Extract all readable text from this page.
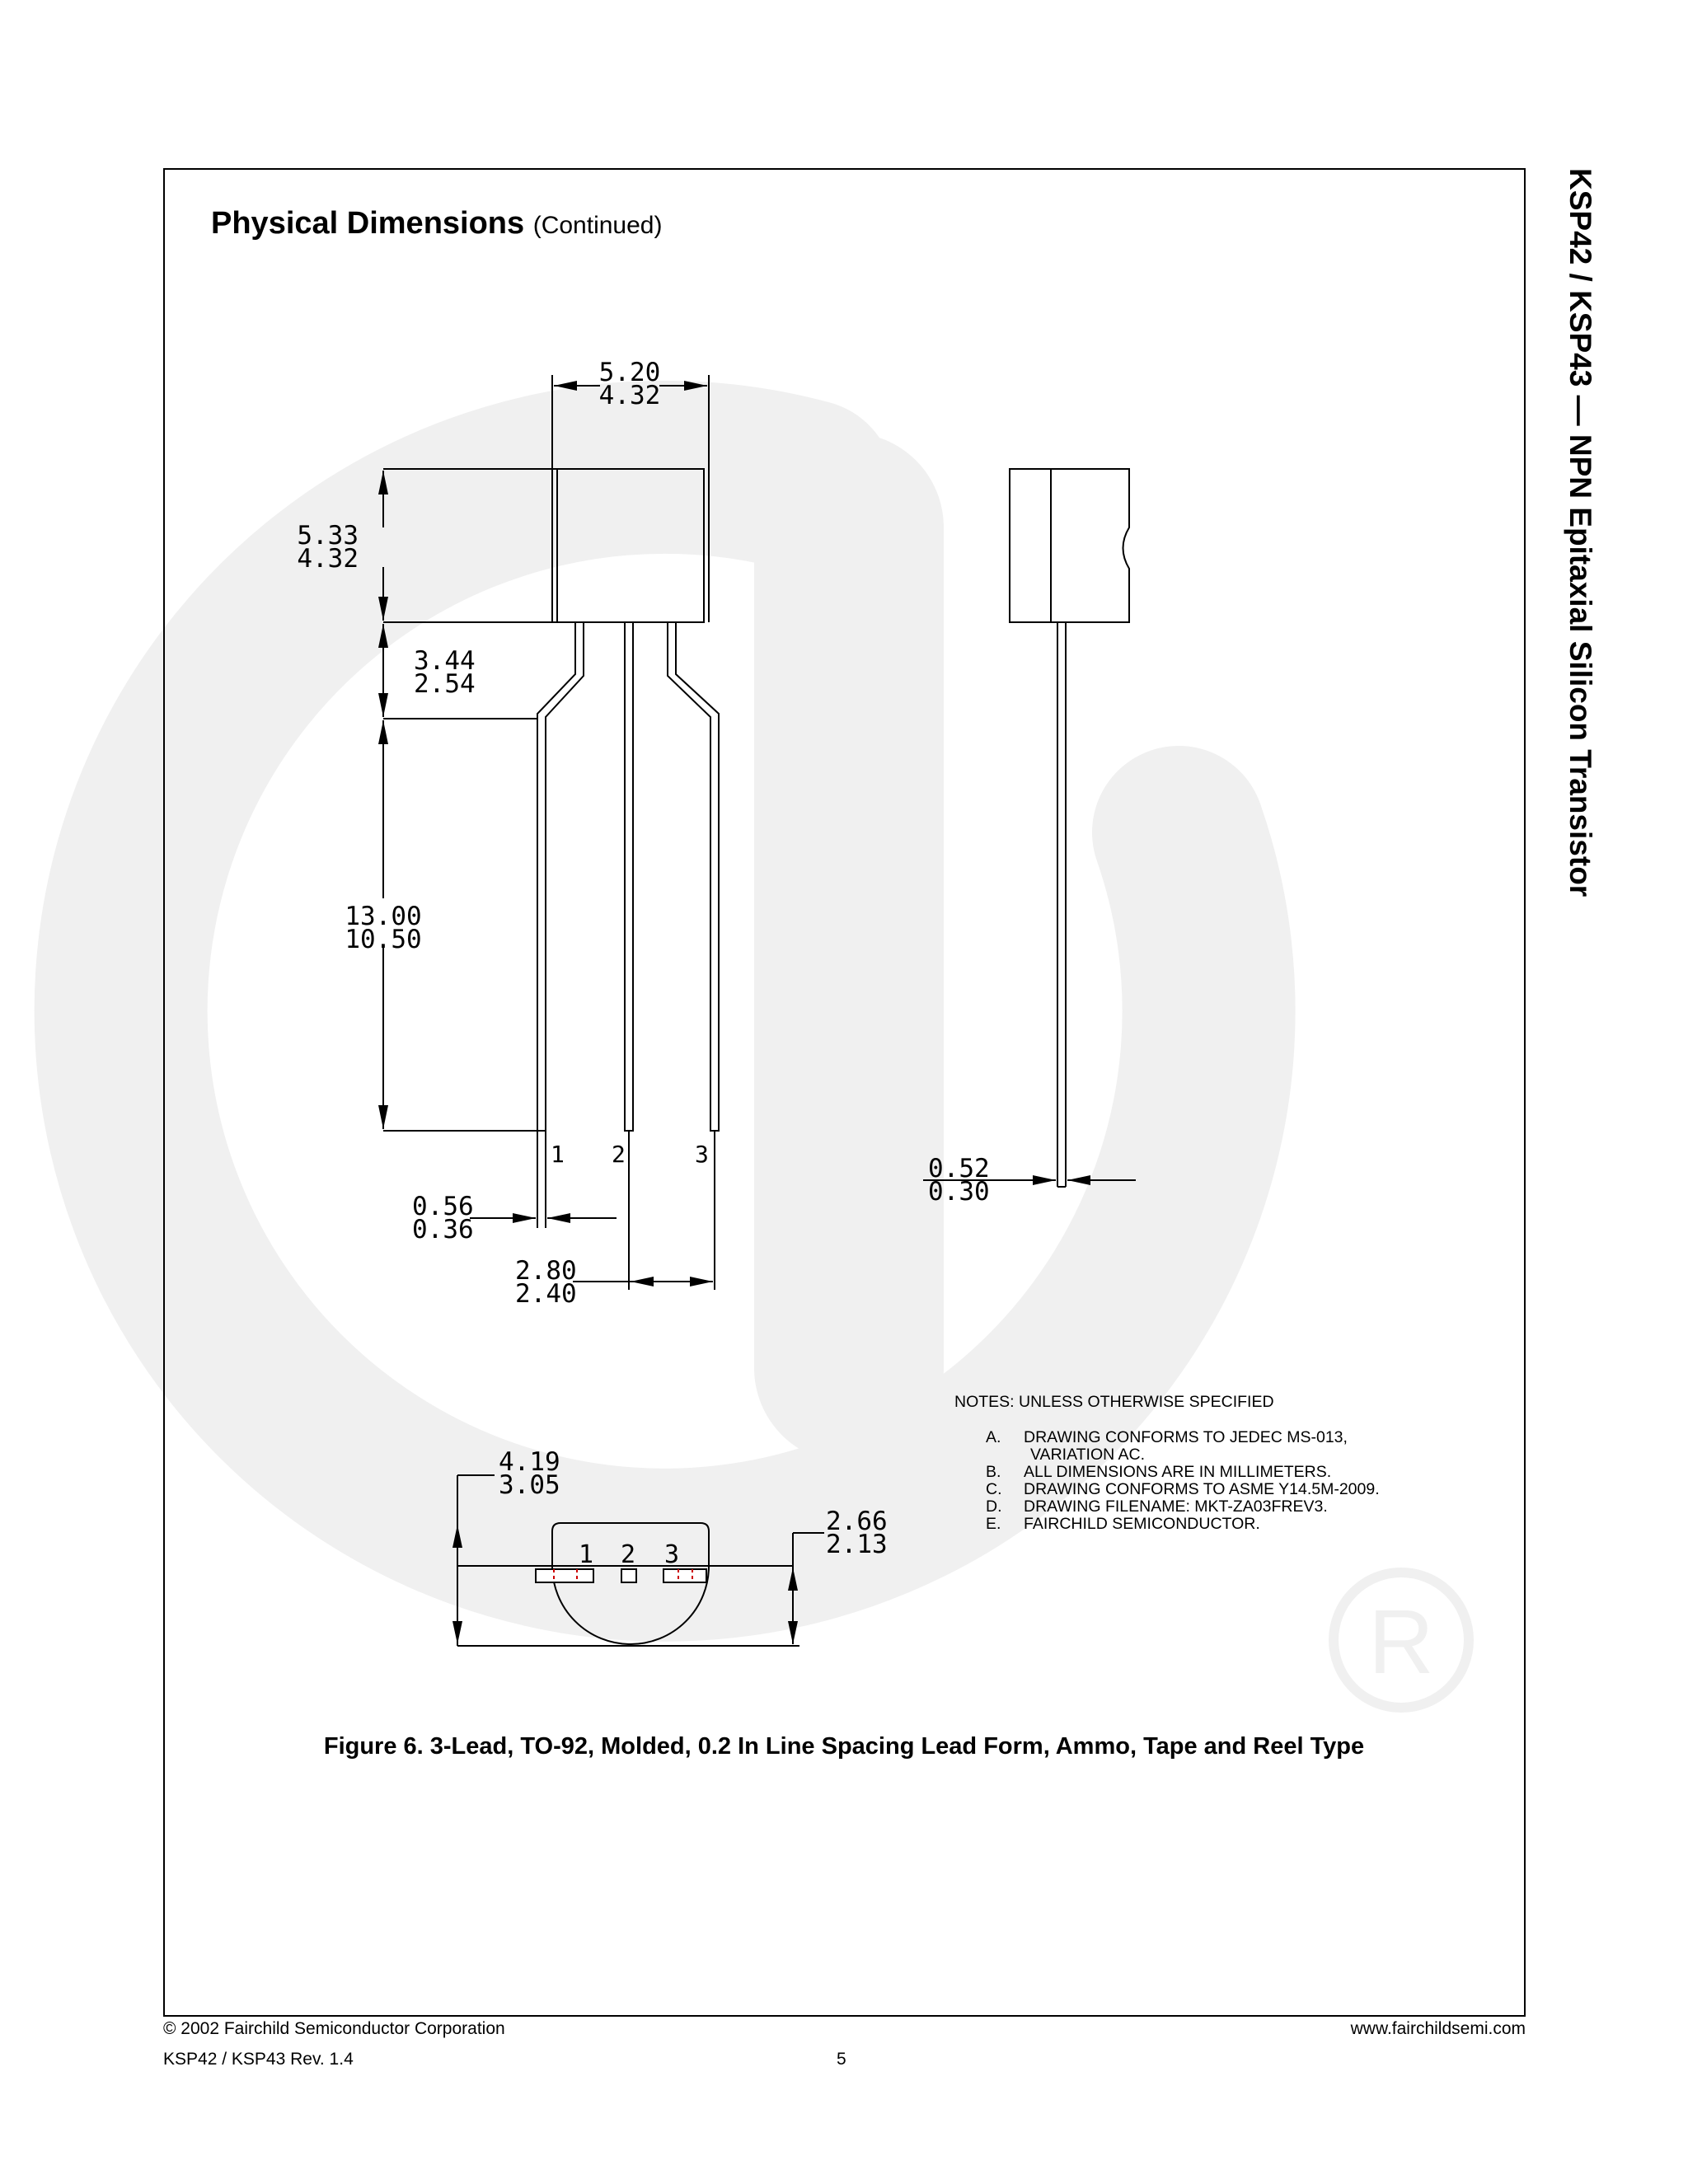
R
5.20
4.32
5.33
4.32
3.44
2.54
13.00
10.50
0.56
0.36
2.80
2.40
0.52
0.30
4.19
3.05
2.66
2.13
1 2	3
1 2 3
NOTES: UNLESS OTHERWISE SPECIFIED
A. DRAWING CONFORMS TO JEDEC MS-013,
VARIATION AC.
B. ALL DIMENSIONS ARE IN MILLIMETERS.
C. DRAWING CONFORMS TO ASME Y14.5M-2009.
D. DRAWING FILENAME: MKT-ZA03FREV3.
E. FAIRCHILD SEMICONDUCTOR.
Physical Dimensions (Continued)	KSP42 / KSP43 — NPN Epitaxial Silicon Transistor
Figure 6. 3-Lead, TO-92, Molded, 0.2 In Line Spacing Lead Form, Ammo, Tape and Reel Type
© 2002 Fairchild Semiconductor Corporation
KSP42 / KSP43 Rev. 1.4	5
www.fairchildsemi.com
